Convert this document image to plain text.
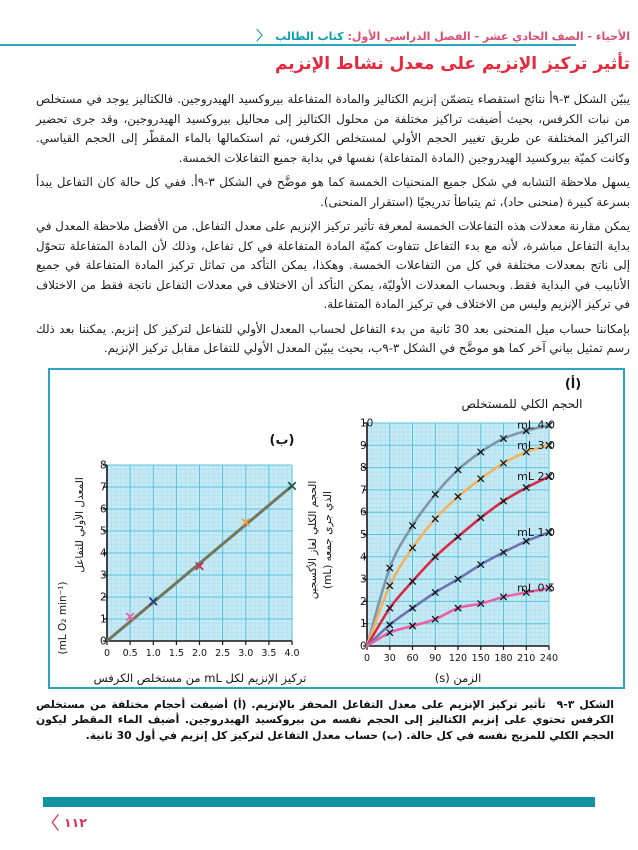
الأحياء - الصف الحادي عشر - الفصل الدراسي الأول: كتاب الطالب〈
تأثير تركيز الإنزيم على معدل نشاط الإنزيم

يبيّن الشكل ٣-٩أ نتائج استقصاء يتضمّن إنزيم الكتاليز والمادة المتفاعلة بيروكسيد الهيدروجين. فالكتاليز يوجد في مستخلص من نبات الكرفس، بحيث أضيفت تراكيز مختلفة من محلول الكتاليز إلى محاليل بيروكسيد الهيدروجين، وقد جرى تحضير التراكيز المختلفة عن طريق تغيير الحجم الأولي لمستخلص الكرفس، ثم استكمالها بالماء المقطّر إلى الحجم القياسي. وكانت كميّة بيروكسيد الهيدروجين (المادة المتفاعلة) نفسها في بداية جميع التفاعلات الخمسة.

يسهل ملاحظة التشابه في شكل جميع المنحنيات الخمسة كما هو موضَّح في الشكل ٣-٩أ. ففي كل حالة كان التفاعل يبدأ بسرعة كبيرة (منحنى حاد)، ثم يتباطأ تدريجيًا (استقرار المنحنى).

يمكن مقارنة معدلات هذه التفاعلات الخمسة لمعرفة تأثير تركيز الإنزيم على معدل التفاعل. من الأفضل ملاحظة المعدل في بداية التفاعل مباشرة، لأنه مع بدء التفاعل تتفاوت كميّة المادة المتفاعلة في كل تفاعل، وذلك لأن المادة المتفاعلة تتحوّل إلى ناتج بمعدلات مختلفة في كل من التفاعلات الخمسة. وهكذا، يمكن التأكد من تماثل تركيز المادة المتفاعلة في جميع الأنابيب في البداية فقط. وبحساب المعدلات الأوليّة، يمكن التأكد أن الاختلاف في معدلات التفاعل ناتجة فقط من الاختلاف في تركيز الإنزيم وليس من الاختلاف في تركيز المادة المتفاعلة.

بإمكاننا حساب ميل المنحنى بعد 30 ثانية من بدء التفاعل لحساب المعدل الأولي للتفاعل لتركيز كل إنزيم. يمكننا بعد ذلك رسم تمثيل بياني آخر كما هو موضَّح في الشكل ٣-٩ب، بحيث يبيّن المعدل الأولي للتفاعل مقابل تركيز الإنزيم.

0
1
2
3
4
5
6
7
8
9
10
0 30 60 90 120 150 180 210 240
4.0 mL
3.0 mL
2.0 mL
1.0 mL
0.5 mL
الحجم الكلي للمستخلص
(أ)
الزمن (s)
الحجم الكلي لغاز الأكسجين الذي جرى جمعه (mL)
0
1
2
3
4
5
6
7
8
0 0.5 1.0 1.5 2.0 2.5 3.0 3.5 4.0
(ب)
تركيز الإنزيم لكل mL من مستخلص الكرفس
المعدل الأولي للتفاعل
(mL O₂ min⁻¹)

الشكل ٣-٩ تأثير تركيز الإنزيم على معدل التفاعل المحفز بالإنزيم. (أ) أضيفت أحجام مختلفة من مستخلص الكرفس تحتوي على إنزيم الكتاليز إلى الحجم نفسه من بيروكسيد الهيدروجين. أضيف الماء المقطر ليكون الحجم الكلي للمزيج نفسه في كل حالة. (ب) حساب معدل التفاعل لتركيز كل إنزيم في أول 30 ثانية.

〈 ١١٢
